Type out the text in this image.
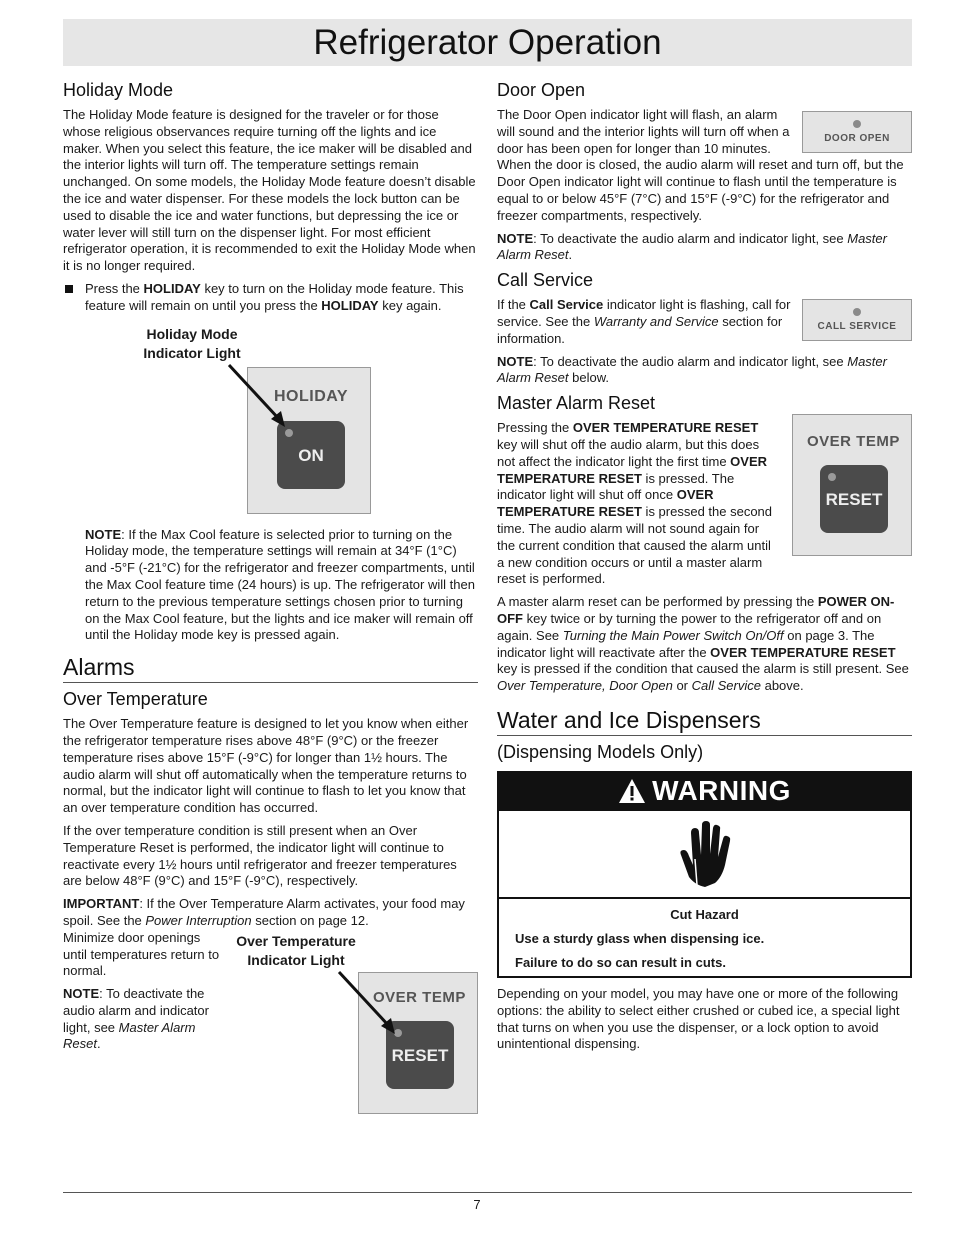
Refrigerator Operation
Holiday Mode

The Holiday Mode feature is designed for the traveler or for those whose religious observances require turning off the lights and ice maker. When you select this feature, the ice maker will be disabled and the interior lights will turn off. The temperature settings remain unchanged. On some models, the Holiday Mode feature doesn’t disable the ice and water dispenser. For these models the lock button can be used to disable the ice and water functions, but depressing the ice or water lever will still turn on the dispenser light. For most efficient refrigerator operation, it is recommended to exit the Holiday Mode when it is no longer required.

Press the HOLIDAY key to turn on the Holiday mode feature. This feature will remain on until you press the HOLIDAY key again.
Holiday Mode
Indicator Light
HOLIDAY
ON

NOTE: If the Max Cool feature is selected prior to turning on the Holiday mode, the temperature settings will remain at 34°F (1°C) and -5°F (-21°C) for the refrigerator and freezer compartments, until the Max Cool feature time (24 hours) is up. The refrigerator will then return to the previous temperature settings chosen prior to turning on the Max Cool feature, but the lights and ice maker will remain off until the Holiday mode key is pressed again.

Alarms
Over Temperature

The Over Temperature feature is designed to let you know when either the refrigerator temperature rises above 48°F (9°C) or the freezer temperature rises above 15°F (-9°C) for longer than 1½ hours. The audio alarm will shut off automatically when the temperature returns to normal, but the indicator light will continue to flash to let you know that an over temperature condition has occurred.

If the over temperature condition is still present when an Over Temperature Reset is performed, the indicator light will continue to reactivate every 1½ hours until refrigerator and freezer temperatures are below 48°F (9°C) and 15°F (-9°C), respectively.

IMPORTANT: If the Over Temperature Alarm activates, your food may spoil. See the Power Interruption section on page 12.

Minimize door openings until temperatures return to normal.

NOTE: To deactivate the audio alarm and indicator light, see Master Alarm Reset.

Over Temperature
Indicator Light
OVER TEMP
RESET
Door Open
DOOR OPEN

The Door Open indicator light will flash, an alarm will sound and the interior lights will turn off when a door has been open for longer than 10 minutes. When the door is closed, the audio alarm will reset and turn off, but the Door Open indicator light will continue to flash until the temperature is equal to or below 45°F (7°C) and 15°F (-9°C) for the refrigerator and freezer compartments, respectively.

NOTE: To deactivate the audio alarm and indicator light, see Master Alarm Reset.

Call Service
CALL SERVICE

If the Call Service indicator light is flashing, call for service. See the Warranty and Service section for information.

NOTE: To deactivate the audio alarm and indicator light, see Master Alarm Reset below.

Master Alarm Reset
OVER TEMP
RESET

Pressing the OVER TEMPERATURE RESET key will shut off the audio alarm, but this does not affect the indicator light the first time OVER TEMPERATURE RESET is pressed. The indicator light will shut off once OVER TEMPERATURE RESET is pressed the second time. The audio alarm will not sound again for the current condition that caused the alarm until a new condition occurs or until a master alarm reset is performed.

A master alarm reset can be performed by pressing the POWER ON-OFF key twice or by turning the power to the refrigerator off and on again. See Turning the Main Power Switch On/Off on page 3. The indicator light will reactivate after the OVER TEMPERATURE RESET key is pressed if the condition that caused the alarm is still present. See Over Temperature, Door Open or Call Service above.

Water and Ice Dispensers
(Dispensing Models Only)
WARNING
Cut Hazard
Use a sturdy glass when dispensing ice.
Failure to do so can result in cuts.

Depending on your model, you may have one or more of the following options: the ability to select either crushed or cubed ice, a special light that turns on when you use the dispenser, or a lock option to avoid unintentional dispensing.

7
